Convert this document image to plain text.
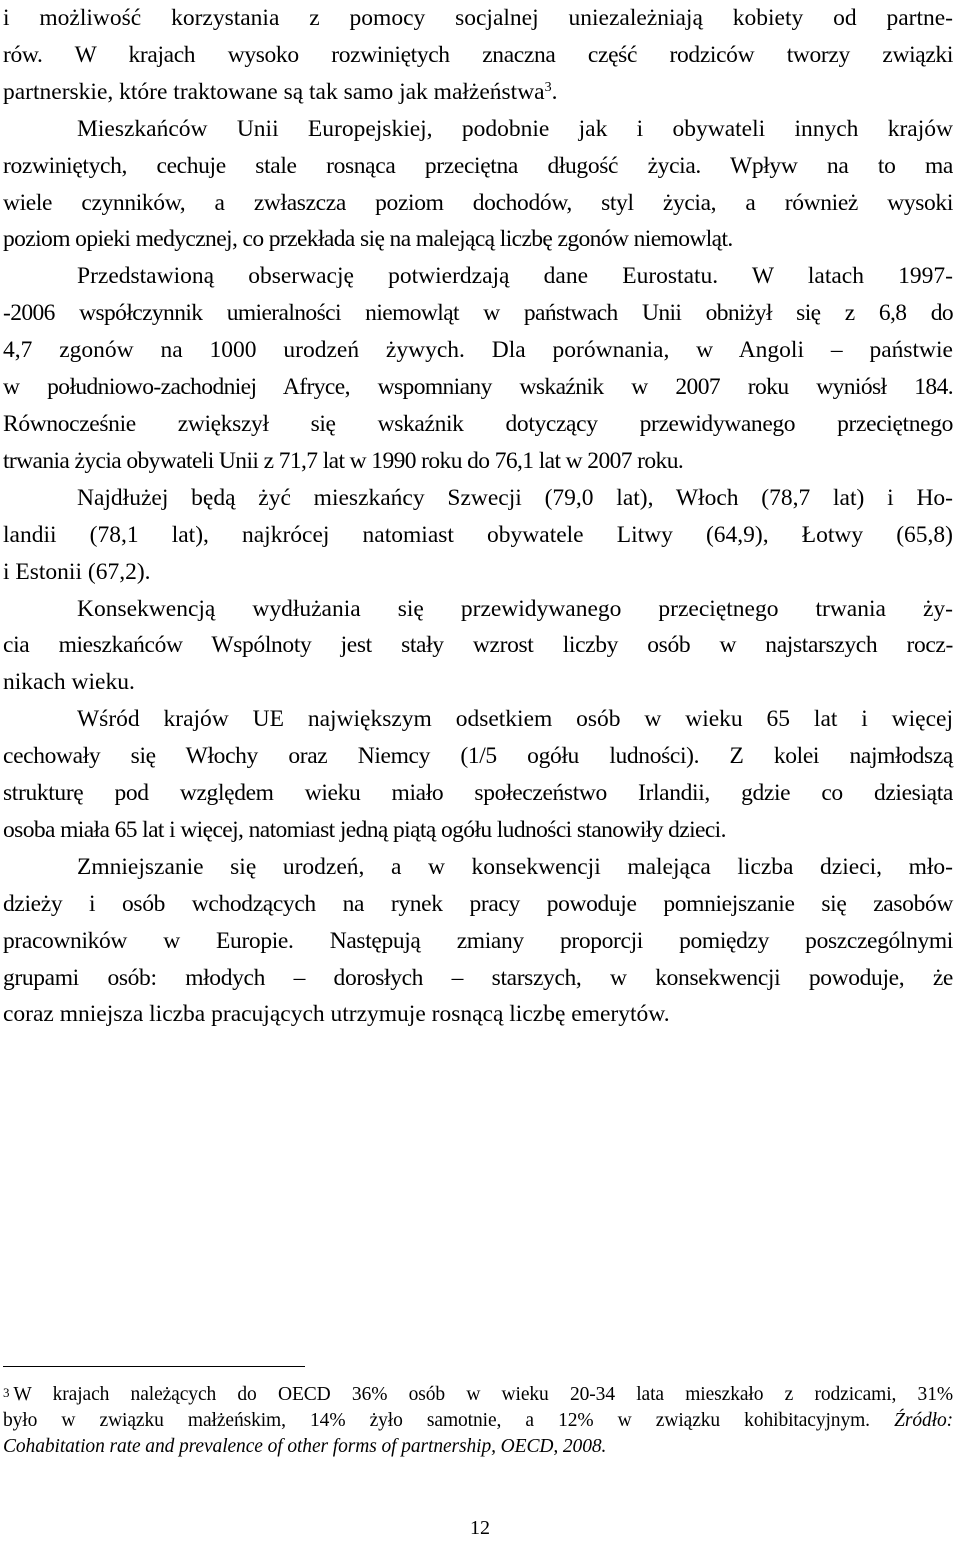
i możliwość korzystania z pomocy socjalnej uniezależniają kobiety od partne-
rów. W krajach wysoko rozwiniętych znaczna część rodziców tworzy związki
partnerskie, które traktowane są tak samo jak małżeństwa$^3$.
Mieszkańców Unii Europejskiej, podobnie jak i obywateli innych krajów
rozwiniętych, cechuje stale rosnąca przeciętna długość życia. Wpływ na to ma
wiele czynników, a zwłaszcza poziom dochodów, styl życia, a również wysoki
poziom opieki medycznej, co przekłada się na malejącą liczbę zgonów niemowląt.
Przedstawioną obserwację potwierdzają dane Eurostatu. W latach 1997-
-2006 współczynnik umieralności niemowląt w państwach Unii obniżył się z 6,8 do
4,7 zgonów na 1000 urodzeń żywych. Dla porównania, w Angoli – państwie
w południowo-zachodniej Afryce, wspomniany wskaźnik w 2007 roku wyniósł 184.
Równocześnie zwiększył się wskaźnik dotyczący przewidywanego przeciętnego
trwania życia obywateli Unii z 71,7 lat w 1990 roku do 76,1 lat w 2007 roku.
Najdłużej będą żyć mieszkańcy Szwecji (79,0 lat), Włoch (78,7 lat) i Ho-
landii (78,1 lat), najkrócej natomiast obywatele Litwy (64,9), Łotwy (65,8)
i Estonii (67,2).
Konsekwencją wydłużania się przewidywanego przeciętnego trwania ży-
cia mieszkańców Wspólnoty jest stały wzrost liczby osób w najstarszych rocz-
nikach wieku.
Wśród krajów UE największym odsetkiem osób w wieku 65 lat i więcej
cechowały się Włochy oraz Niemcy (1/5 ogółu ludności). Z kolei najmłodszą
strukturę pod względem wieku miało społeczeństwo Irlandii, gdzie co dziesiąta
osoba miała 65 lat i więcej, natomiast jedną piątą ogółu ludności stanowiły dzieci.
Zmniejszanie się urodzeń, a w konsekwencji malejąca liczba dzieci, mło-
dzieży i osób wchodzących na rynek pracy powoduje pomniejszanie się zasobów
pracowników w Europie. Następują zmiany proporcji pomiędzy poszczególnymi
grupami osób: młodych – dorosłych – starszych, w konsekwencji powoduje, że
coraz mniejsza liczba pracujących utrzymuje rosnącą liczbę emerytów.
$^3$ W krajach należących do OECD 36% osób w wieku 20-34 lata mieszkało z rodzicami, 31%
było w związku małżeńskim, 14% żyło samotnie, a 12% w związku kohibitacyjnym. Źródło:
Cohabitation rate and prevalence of other forms of partnership, OECD, 2008.
12
